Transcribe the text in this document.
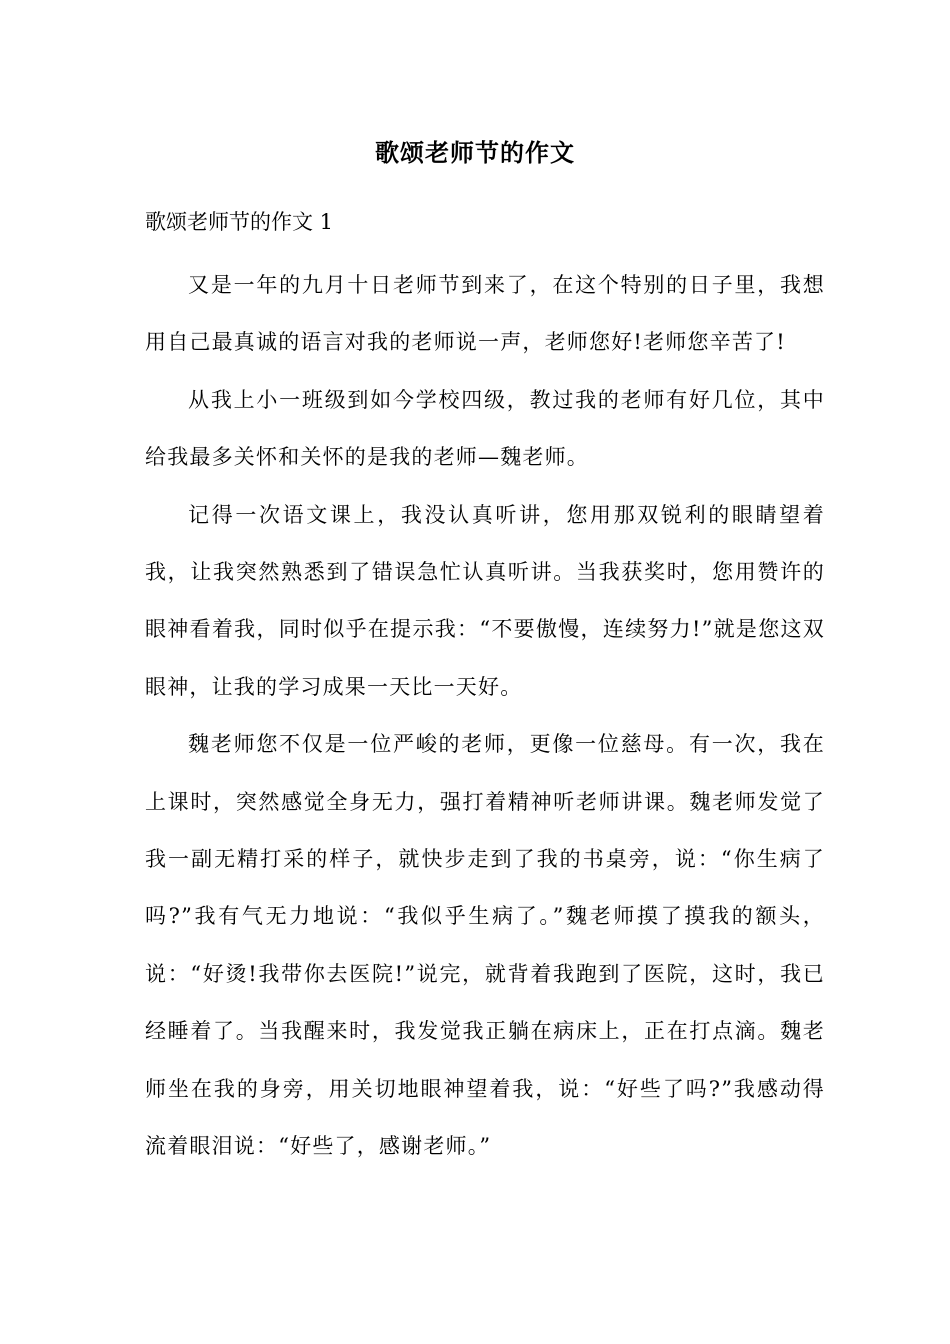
歌颂老师节的作文
歌颂老师节的作文 1

又是一年的九月十日老师节到来了，在这个特别的日子里，我想用自己最真诚的语言对我的老师说一声，老师您好!老师您辛苦了!

从我上小一班级到如今学校四级，教过我的老师有好几位，其中给我最多关怀和关怀的是我的老师—魏老师。

记得一次语文课上，我没认真听讲，您用那双锐利的眼睛望着我，让我突然熟悉到了错误急忙认真听讲。当我获奖时，您用赞许的眼神看着我，同时似乎在提示我：“不要傲慢，连续努力!”就是您这双眼神，让我的学习成果一天比一天好。

魏老师您不仅是一位严峻的老师，更像一位慈母。有一次，我在上课时，突然感觉全身无力，强打着精神听老师讲课。魏老师发觉了我一副无精打采的样子，就快步走到了我的书桌旁，说：“你生病了吗?”我有气无力地说：“我似乎生病了。”魏老师摸了摸我的额头，说：“好烫!我带你去医院!”说完，就背着我跑到了医院，这时，我已经睡着了。当我醒来时，我发觉我正躺在病床上，正在打点滴。魏老师坐在我的身旁，用关切地眼神望着我，说：“好些了吗?”我感动得流着眼泪说：“好些了，感谢老师。”
